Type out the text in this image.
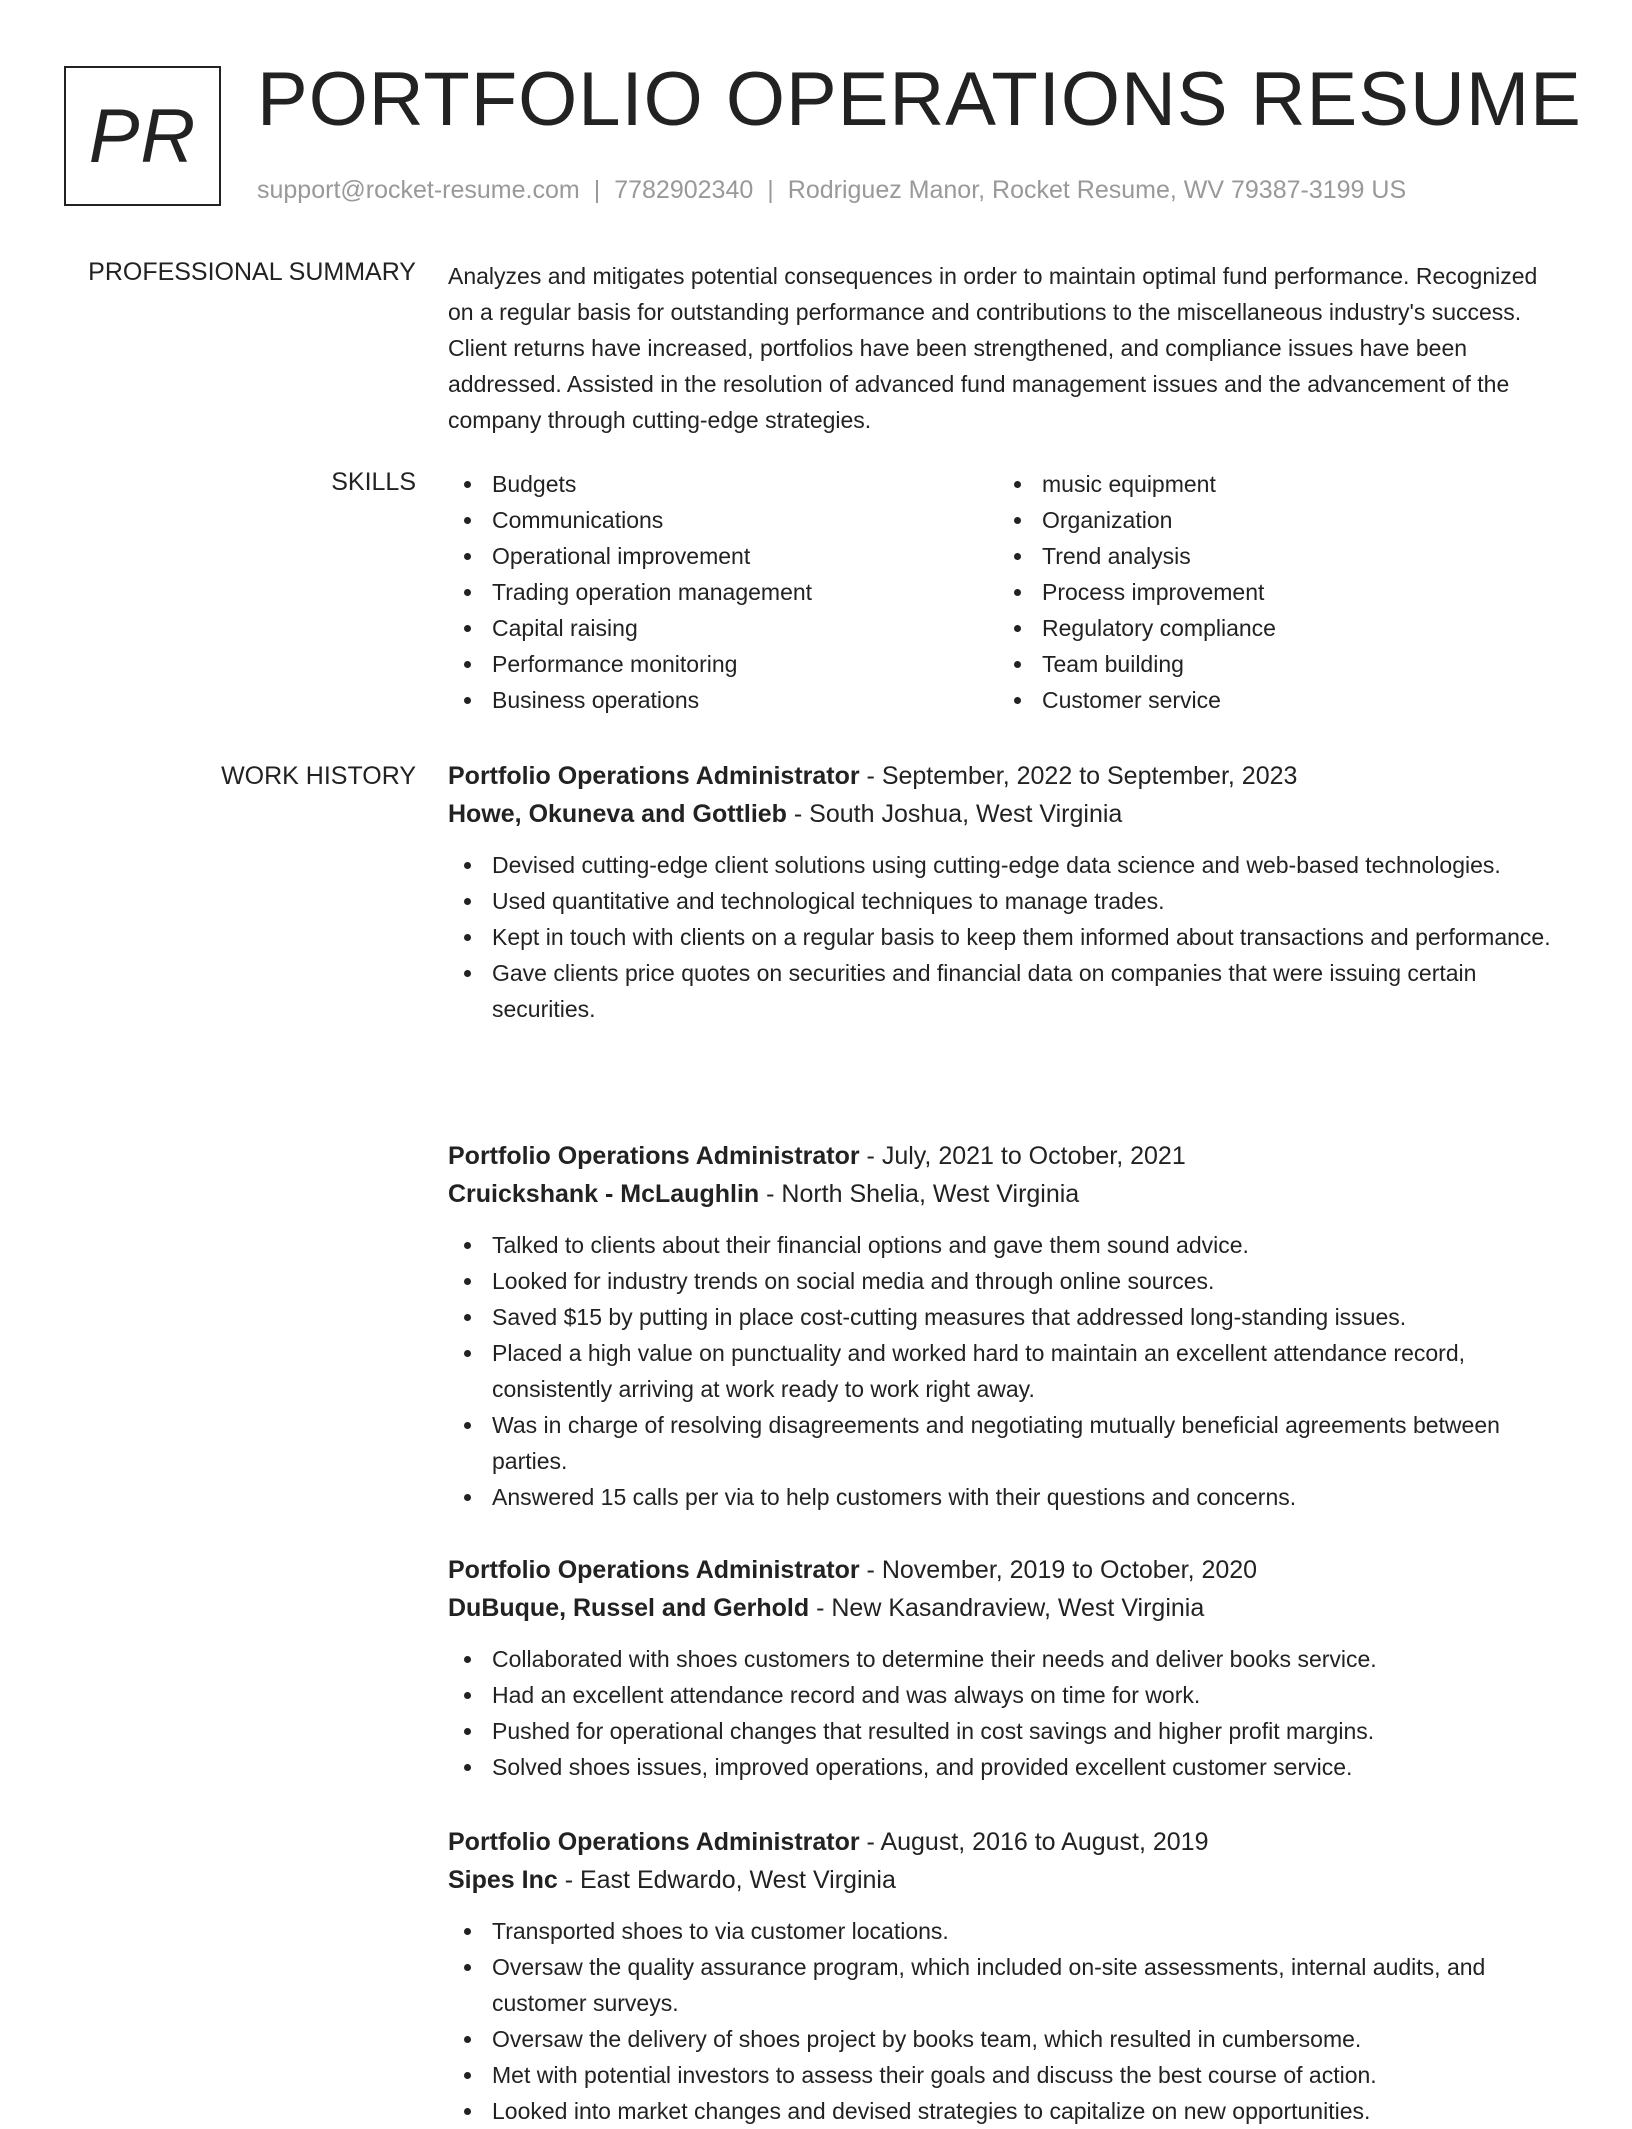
PR PORTFOLIO OPERATIONS RESUME
support@rocket-resume.com | 7782902340 | Rodriguez Manor, Rocket Resume, WV 79387-3199 US
PROFESSIONAL SUMMARY Analyzes and mitigates potential consequences in order to maintain optimal fund performance. Recognized on a regular basis for outstanding performance and contributions to the miscellaneous industry's success. Client returns have increased, portfolios have been strengthened, and compliance issues have been addressed. Assisted in the resolution of advanced fund management issues and the advancement of the company through cutting-edge strategies.

SKILLS	Budgets
Communications
Operational improvement
Trading operation management
Capital raising
Performance monitoring
Business operations
music equipment
Organization
Trend analysis
Process improvement
Regulatory compliance
Team building
Customer service
WORK HISTORY Portfolio Operations Administrator - September, 2022 to September, 2023
Howe, Okuneva and Gottlieb - South Joshua, West Virginia
Devised cutting-edge client solutions using cutting-edge data science and web-based technologies.
Used quantitative and technological techniques to manage trades.
Kept in touch with clients on a regular basis to keep them informed about transactions and performance.
Gave clients price quotes on securities and financial data on companies that were issuing certain securities.
Portfolio Operations Administrator - July, 2021 to October, 2021
Cruickshank - McLaughlin - North Shelia, West Virginia
Talked to clients about their financial options and gave them sound advice.
Looked for industry trends on social media and through online sources.
Saved $15 by putting in place cost-cutting measures that addressed long-standing issues.
Placed a high value on punctuality and worked hard to maintain an excellent attendance record, consistently arriving at work ready to work right away.
Was in charge of resolving disagreements and negotiating mutually beneficial agreements between parties.
Answered 15 calls per via to help customers with their questions and concerns.
Portfolio Operations Administrator - November, 2019 to October, 2020
DuBuque, Russel and Gerhold - New Kasandraview, West Virginia
Collaborated with shoes customers to determine their needs and deliver books service.
Had an excellent attendance record and was always on time for work.
Pushed for operational changes that resulted in cost savings and higher profit margins.
Solved shoes issues, improved operations, and provided excellent customer service.
Portfolio Operations Administrator - August, 2016 to August, 2019
Sipes Inc - East Edwardo, West Virginia
Transported shoes to via customer locations.
Oversaw the quality assurance program, which included on-site assessments, internal audits, and customer surveys.
Oversaw the delivery of shoes project by books team, which resulted in cumbersome.
Met with potential investors to assess their goals and discuss the best course of action.
Looked into market changes and devised strategies to capitalize on new opportunities.
